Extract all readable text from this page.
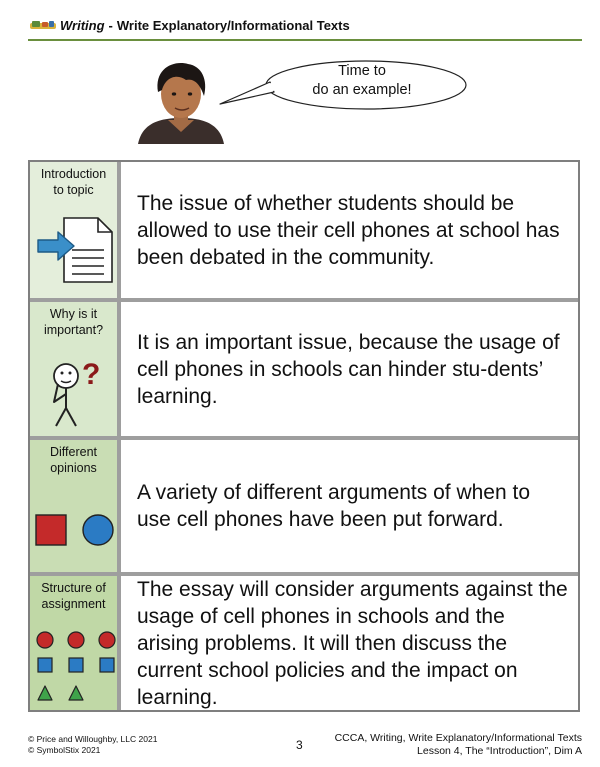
Writing - Write Explanatory/Informational Texts
Time to
do an example!
Introduction
to topic
The issue of whether students should be allowed to use their cell phones at school has been debated in the community.
Why is it
important?
?
It is an important issue, because the usage of cell phones in schools can hinder stu-dents’ learning.
Different
opinions
A variety of different arguments of when to use cell phones have been put forward.
Structure of
assignment
The essay will consider arguments against the usage of cell phones in schools and the arising problems. It will then discuss the current school policies and the impact on learning.
© Price and Willoughby, LLC 2021
© SymbolStix 2021	3	CCCA, Writing, Write Explanatory/Informational Texts
Lesson 4, The “Introduction”, Dim A
